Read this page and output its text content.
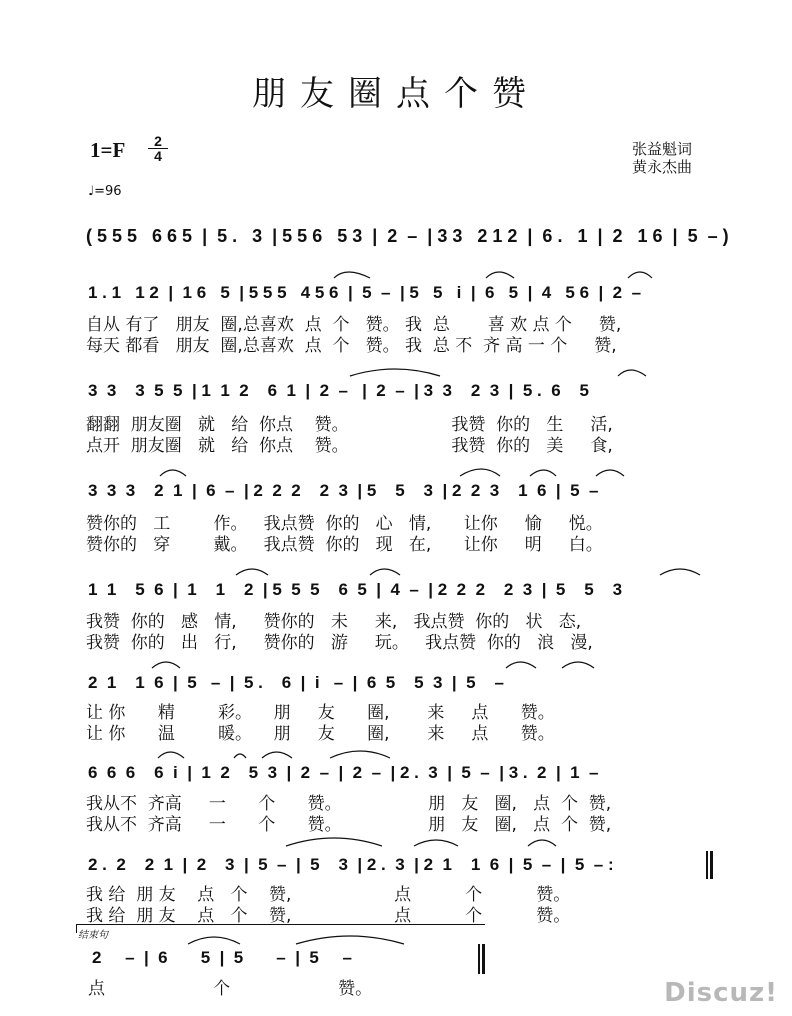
朋友圈点个赞
1=F	2
4
♩=96
张益魁词
黄永杰曲
( 5 5 5   6 6 5  |  5 .   3  | 5 5 6   5 3  |  2  –  | 3 3   2 1 2  |  6 .   1  |  2   1 6  |  5  – )
1 . 1   1 2  |  1 6   5  | 5 5 5   4 5 6  |  5  –  | 5   5   i  |  6   5  |  4   5 6  |  2  –
自从 有了   朋友  圈,总喜欢  点  个   赞。 我  总       喜 欢 点 个     赞,
每天 都看   朋友  圈,总喜欢  点  个   赞。 我  总 不  齐 高 一 个     赞,
3  3    3  5  5  | 1  1  2    6  1  |  2  –   |  2  –  | 3  3    2  3  |  5 .  6    5
翻翻  朋友圈   就   给  你点    赞。                   我赞  你的   生     活,
点开  朋友圈   就   给  你点    赞。                   我赞  你的   美     食,
3  3  3    2  1  |  6  –  | 2  2  2    2  3  | 5    5    3  | 2  2  3    1  6  |  5  –
赞你的   工        作。   我点赞  你的   心   情,      让你     愉     悦。
赞你的   穿        戴。   我点赞  你的   现   在,      让你     明     白。
1  1    5  6  |  1    1    2  | 5  5  5    6  5  |  4  –  | 2  2  2    2  3  |  5    5    3
我赞  你的   感   情,     赞你的   未     来,   我点赞  你的   状   态,
我赞  你的   出   行,     赞你的   游     玩。   我点赞  你的   浪   漫,
2  1    1  6  |  5   –  |  5 .    6  |  i   –  |  6  5    5  3  |  5    –
让 你      精        彩。    朋     友      圈,       来     点      赞。
让 你      温        暖。    朋     友      圈,       来     点      赞。
6  6  6    6  i  |  1  2    5  3  |  2  –  |  2  –  | 2 .  3  |  5  –  | 3 .  2  |  1  –
我从不  齐高     一      个      赞。                朋   友   圈,   点  个  赞,
我从不  齐高     一      个      赞。                朋   友   圈,   点  个  赞,
2 .  2    2  1  |  2    3  |  5  –  |  5    3  | 2 .  3  | 2  1    1  6  |  5  –  |  5  – :
我 给  朋 友    点   个    赞,                   点          个          赞。
我 给  朋 友    点   个    赞,                   点          个          赞。
结束句
2     –  |  6       5  |  5       –  |  5     –
点                    个                    赞。	Discuz!
